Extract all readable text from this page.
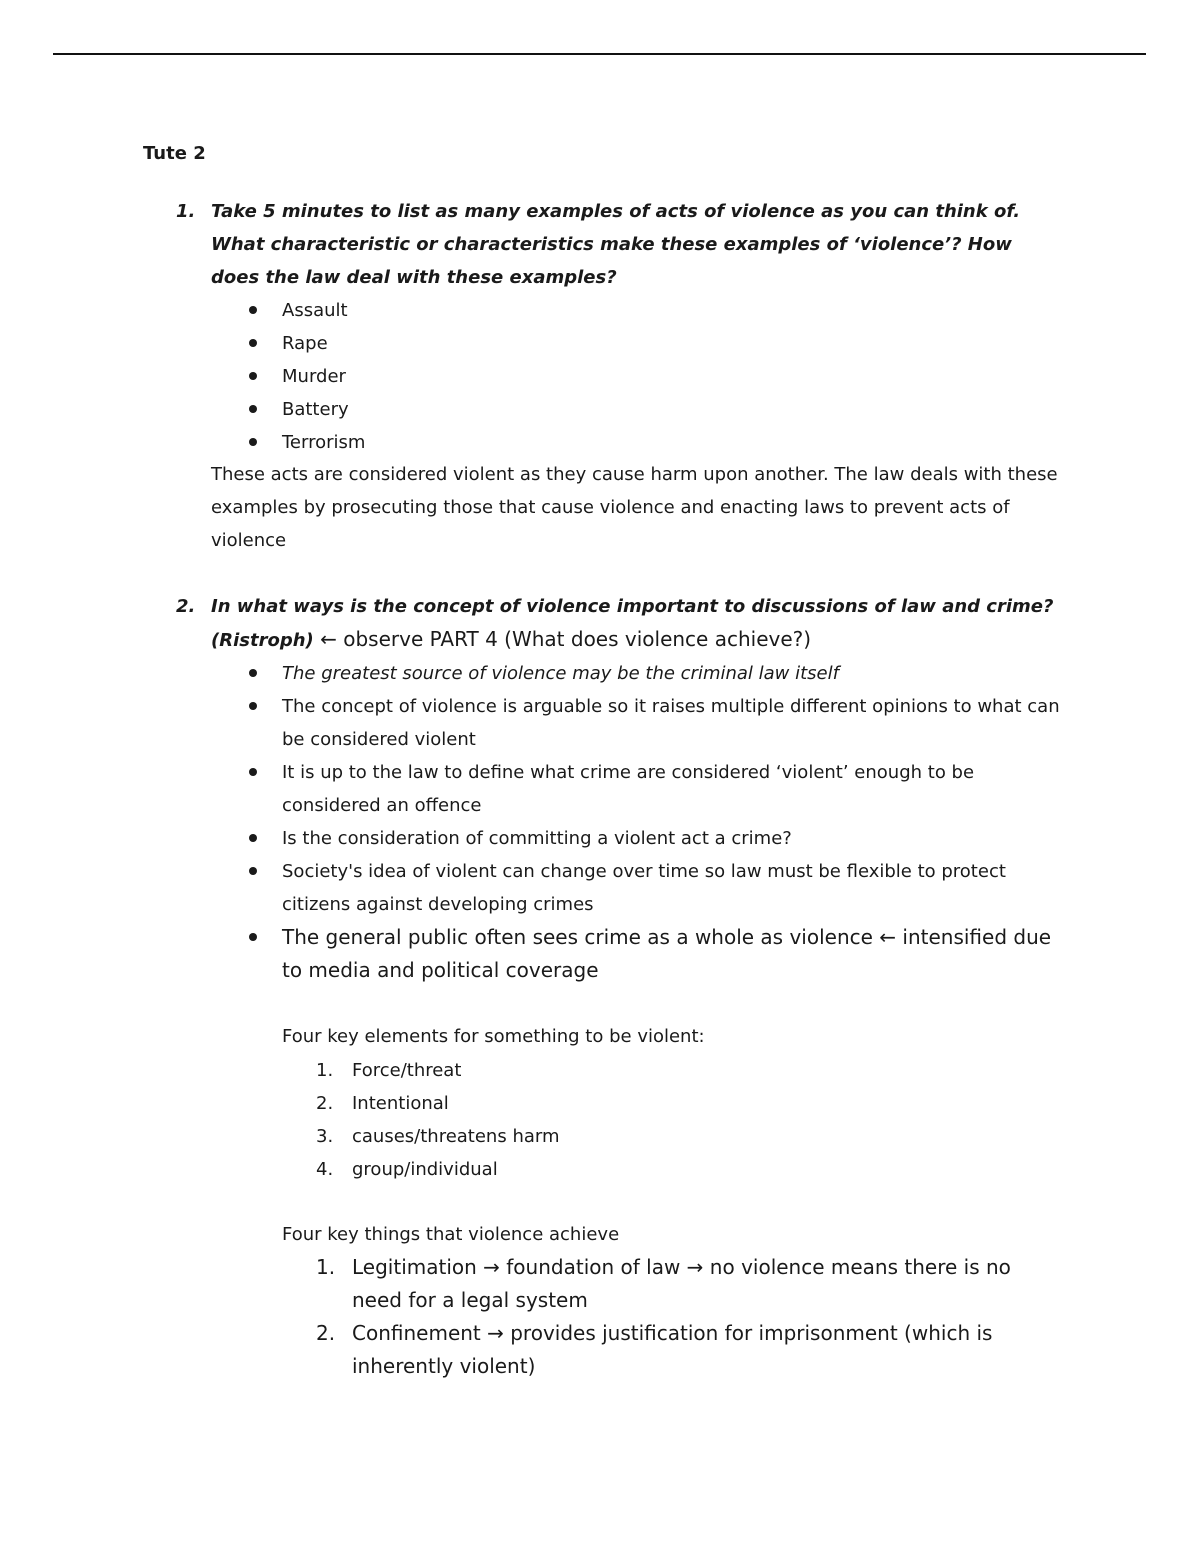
Tute 2
1. Take 5 minutes to list as many examples of acts of violence as you can think of. What characteristic or characteristics make these examples of ‘violence’? How does the law deal with these examples?
Assault
Rape
Murder
Battery
Terrorism
These acts are considered violent as they cause harm upon another. The law deals with these examples by prosecuting those that cause violence and enacting laws to prevent acts of violence
2. In what ways is the concept of violence important to discussions of law and crime? (Ristroph) ← observe PART 4 (What does violence achieve?)
The greatest source of violence may be the criminal law itself
The concept of violence is arguable so it raises multiple different opinions to what can be considered violent
It is up to the law to define what crime are considered ‘violent’ enough to be considered an offence
Is the consideration of committing a violent act a crime?
Society's idea of violent can change over time so law must be flexible to protect citizens against developing crimes
The general public often sees crime as a whole as violence ← intensified due to media and political coverage
Four key elements for something to be violent:
1. Force/threat
2. Intentional
3. causes/threatens harm
4. group/individual
Four key things that violence achieve
1. Legitimation → foundation of law → no violence means there is no need for a legal system
2. Confinement → provides justification for imprisonment (which is inherently violent)
